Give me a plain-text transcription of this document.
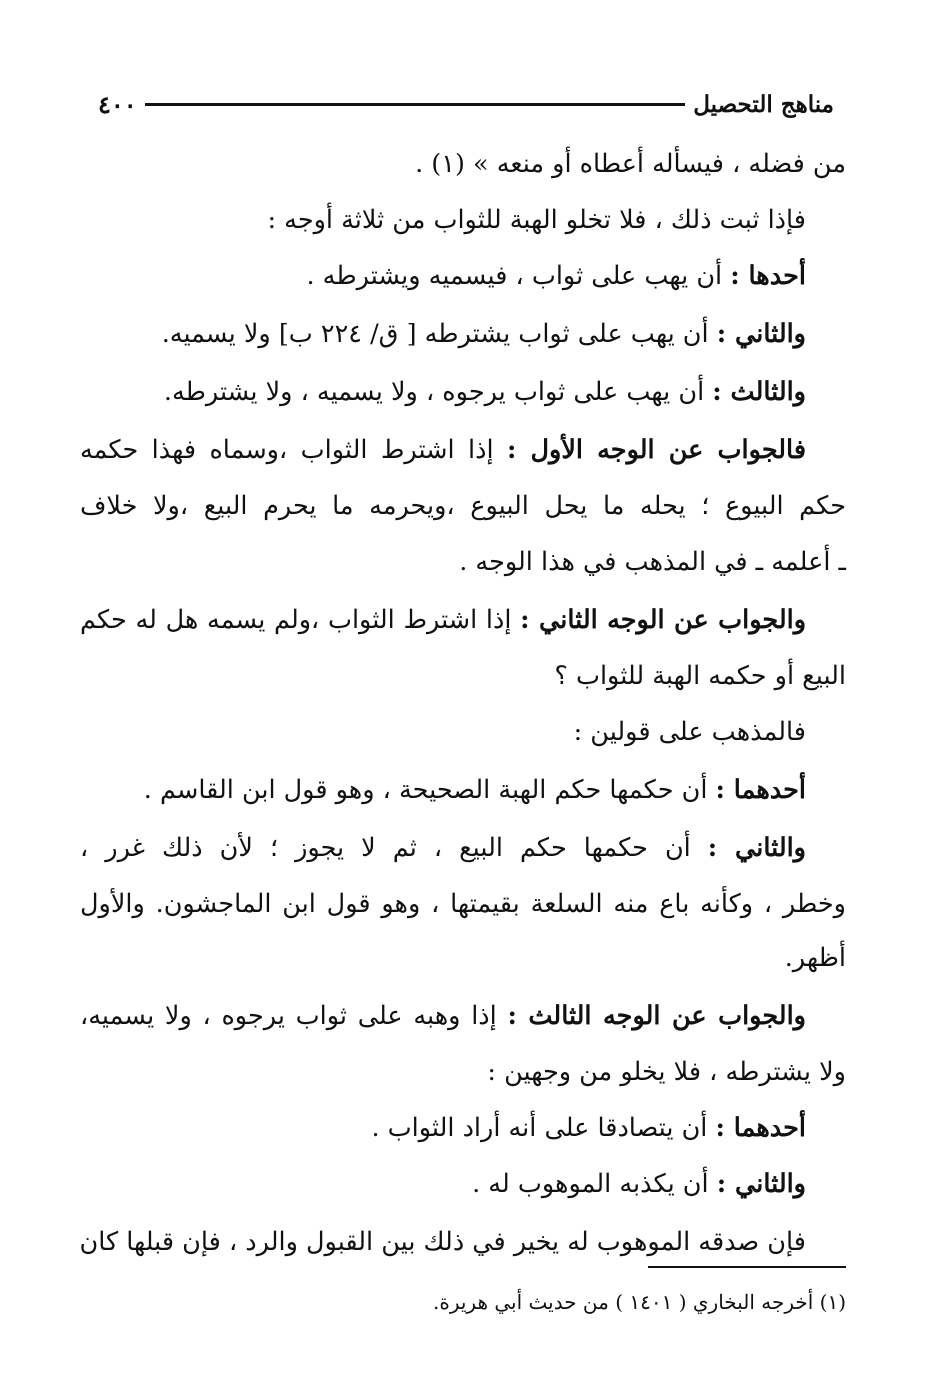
٤٠٠	مناهج التحصيل
من فضله ، فيسأله أعطاه أو منعه » (١) .
فإذا ثبت ذلك ، فلا تخلو الهبة للثواب من ثلاثة أوجه :
أحدها : أن يهب على ثواب ، فيسميه ويشترطه .
والثاني : أن يهب على ثواب يشترطه [ ق/ ٢٢٤ ب] ولا يسميه.
والثالث : أن يهب على ثواب يرجوه ، ولا يسميه ، ولا يشترطه.
فالجواب عن الوجه الأول : إذا اشترط الثواب ،وسماه فهذا حكمه
حكم البيوع ؛ يحله ما يحل البيوع ،ويحرمه ما يحرم البيع ،ولا خلاف
ـ أعلمه ـ في المذهب في هذا الوجه .
والجواب عن الوجه الثاني : إذا اشترط الثواب ،ولم يسمه هل له حكم
البيع أو حكمه الهبة للثواب ؟
فالمذهب على قولين :
أحدهما : أن حكمها حكم الهبة الصحيحة ، وهو قول ابن القاسم .
والثاني : أن حكمها حكم البيع ، ثم لا يجوز ؛ لأن ذلك غرر ،
وخطر ، وكأنه باع منه السلعة بقيمتها ، وهو قول ابن الماجشون. والأول
أظهر.
والجواب عن الوجه الثالث : إذا وهبه على ثواب يرجوه ، ولا يسميه،
ولا يشترطه ، فلا يخلو من وجهين :
أحدهما : أن يتصادقا على أنه أراد الثواب .
والثاني : أن يكذبه الموهوب له .
فإن صدقه الموهوب له يخير في ذلك بين القبول والرد ، فإن قبلها كان
(١) أخرجه البخاري ( ١٤٠١ ) من حديث أبي هريرة.
